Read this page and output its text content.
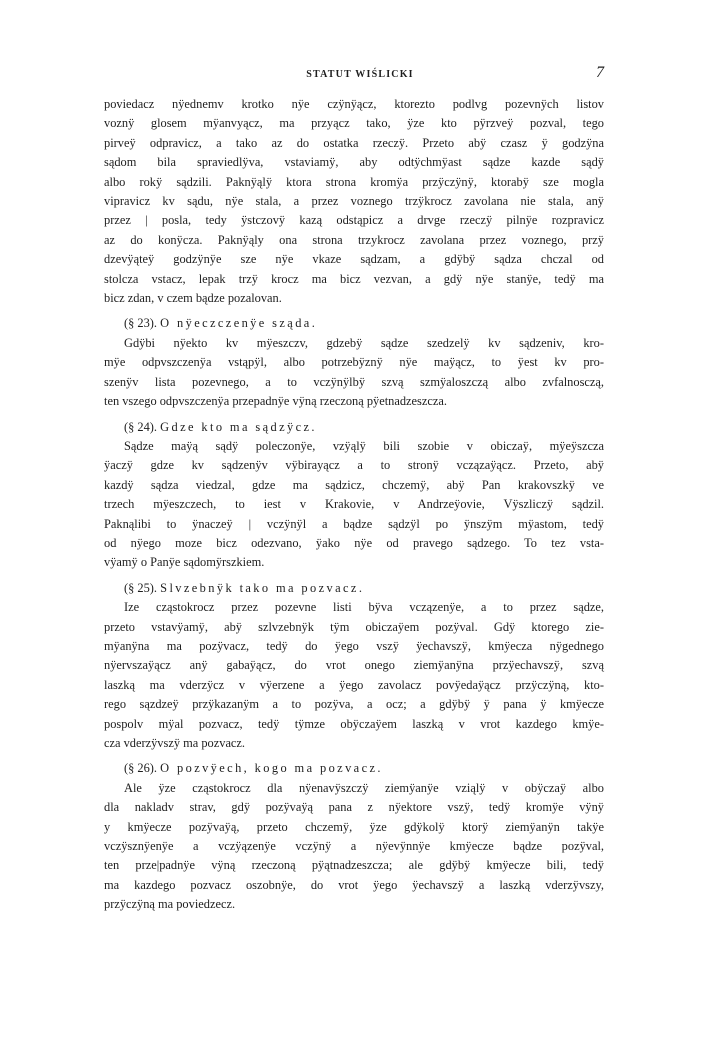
STATUT WIŚLICKI	7
poviedacz nÿednemv krotko nÿe czÿnÿącz, ktorezto podlvg pozevnÿch listov
voznÿ glosem mÿanvyącz, ma przyącz tako, ÿze kto pÿrzveÿ pozval, tego
pirveÿ odpravicz, a tako az do ostatka rzeczÿ. Przeto abÿ czasz ÿ godzÿna
sądom bila spraviedlÿva, vstaviamÿ, aby odtÿchmÿast sądze kazde sądÿ
albo rokÿ sądzili. Paknÿąlÿ ktora strona kromÿa przÿczÿnÿ, ktorabÿ sze mogla
vipravicz kv sądu, nÿe stala, a przez voznego trzÿkrocz zavolana nie stala, anÿ
przez | posla, tedy ÿstczovÿ kazą odstąpicz a drvge rzeczÿ pilnÿe rozpravicz
az do konÿcza. Paknÿąly ona strona trzykrocz zavolana przez voznego, przÿ
dzevÿąteÿ godzÿnÿe sze nÿe vkaze sądzam, a gdÿbÿ sądza chczal od
stolcza vstacz, lepak trzÿ krocz ma bicz vezvan, a gdÿ nÿe stanÿe, tedÿ ma
bicz zdan, v czem bądze pozalovan.
(§ 23). O nÿeczczenÿe sząda.
Gdÿbi nÿekto kv mÿeszczv, gdzebÿ sądze szedzelÿ kv sądzeniv, kro-
mÿe odpvszczenÿa vstąpÿl, albo potrzebÿznÿ nÿe maÿącz, to ÿest kv pro-
szenÿv lista pozevnego, a to vczÿnÿlbÿ szvą szmÿaloszczą albo zvfalnosczą,
ten vszego odpvszczenÿa przepadnÿe vÿną rzeczoną pÿetnadzeszcza.
(§ 24). Gdze kto ma sądzÿcz.
Sądze maÿą sądÿ poleczonÿe, vzÿąlÿ bili szobie v obiczaÿ, mÿeÿszcza
ÿaczÿ gdze kv sądzenÿv vÿbirayącz a to stronÿ vczązaÿącz. Przeto, abÿ
kazdÿ sądza viedzal, gdze ma sądzicz, chczemÿ, abÿ Pan krakovszkÿ ve
trzech mÿeszczech, to iest v Krakovie, v Andrzeÿovie, Vÿszliczÿ sądzil.
Paknąlibi to ÿnaczeÿ | vczÿnÿl a bądze sądzÿl po ÿnszÿm mÿastom, tedÿ
od nÿego moze bicz odezvano, ÿako nÿe od pravego sądzego. To tez vsta-
vÿamÿ o Panÿe sądomÿrszkiem.
(§ 25). Slvzebnÿk tako ma pozvacz.
Ize cząstokrocz przez pozevne listi bÿva vczązenÿe, a to przez sądze,
przeto vstavÿamÿ, abÿ szlvzebnÿk tÿm obiczaÿem pozÿval. Gdÿ ktorego zie-
mÿanÿna ma pozÿvacz, tedÿ do ÿego vszÿ ÿechavszÿ, kmÿecza nÿgednego
nÿervszaÿącz anÿ gabaÿącz, do vrot onego ziemÿanÿna przÿechavszÿ, szvą
laszką ma vderzÿcz v vÿerzene a ÿego zavolacz povÿedaÿącz przÿczÿną, kto-
rego sązdzeÿ przÿkazanÿm a to pozÿva, a ocz; a gdÿbÿ ÿ pana ÿ kmÿecze
pospolv mÿal pozvacz, tedÿ tÿmze obÿczaÿem laszką v vrot kazdego kmÿe-
cza vderzÿvszÿ ma pozvacz.
(§ 26). O pozvÿech, kogo ma pozvacz.
Ale ÿze cząstokrocz dla nÿenavÿszczÿ ziemÿanÿe vziąlÿ v obÿczaÿ albo
dla nakladv strav, gdÿ pozÿvaÿą pana z nÿektore vszÿ, tedÿ kromÿe vÿnÿ
y kmÿecze pozÿvaÿą, przeto chczemÿ, ÿze gdÿkolÿ ktorÿ ziemÿanÿn takÿe
vczÿsznÿenÿe a vczÿązenÿe vczÿnÿ a nÿevÿnnÿe kmÿecze bądze pozÿval,
ten prze|padnÿe vÿną rzeczoną pÿątnadzeszcza; ale gdÿbÿ kmÿecze bili, tedÿ
ma kazdego pozvacz oszobnÿe, do vrot ÿego ÿechavszÿ a laszką vderzÿvszy,
przÿczÿną ma poviedzecz.
